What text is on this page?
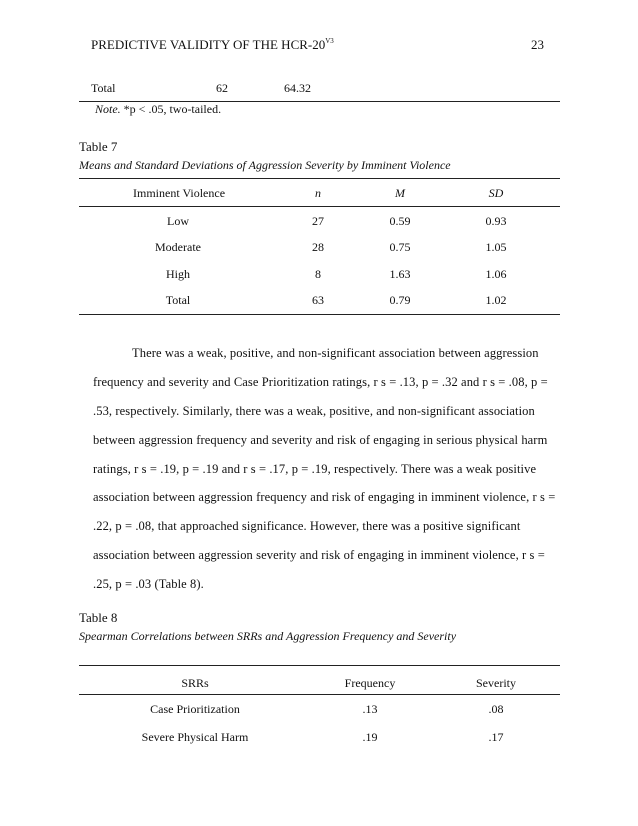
PREDICTIVE VALIDITY OF THE HCR-$20^{V3}$	23
Total	62	64.32
Note. *p < .05, two-tailed.
Table 7
Means and Standard Deviations of Aggression Severity by Imminent Violence
Imminent Violence	n	M	SD
Low	27	0.59	0.93
Moderate	28	0.75	1.05
High	8	1.63	1.06
Total	63	0.79	1.02
There was a weak, positive, and non-significant association between aggression
frequency and severity and Case Prioritization ratings, r s = .13, p = .32 and r s = .08, p =
.53, respectively. Similarly, there was a weak, positive, and non-significant association
between aggression frequency and severity and risk of engaging in serious physical harm
ratings, r s = .19, p = .19 and r s = .17, p = .19, respectively. There was a weak positive
association between aggression frequency and risk of engaging in imminent violence, r s =
.22, p = .08, that approached significance. However, there was a positive significant
association between aggression severity and risk of engaging in imminent violence, r s =
.25, p = .03 (Table 8).
Table 8
Spearman Correlations between SRRs and Aggression Frequency and Severity
SRRs	Frequency	Severity
Case Prioritization	.13	.08
Severe Physical Harm	.19	.17
